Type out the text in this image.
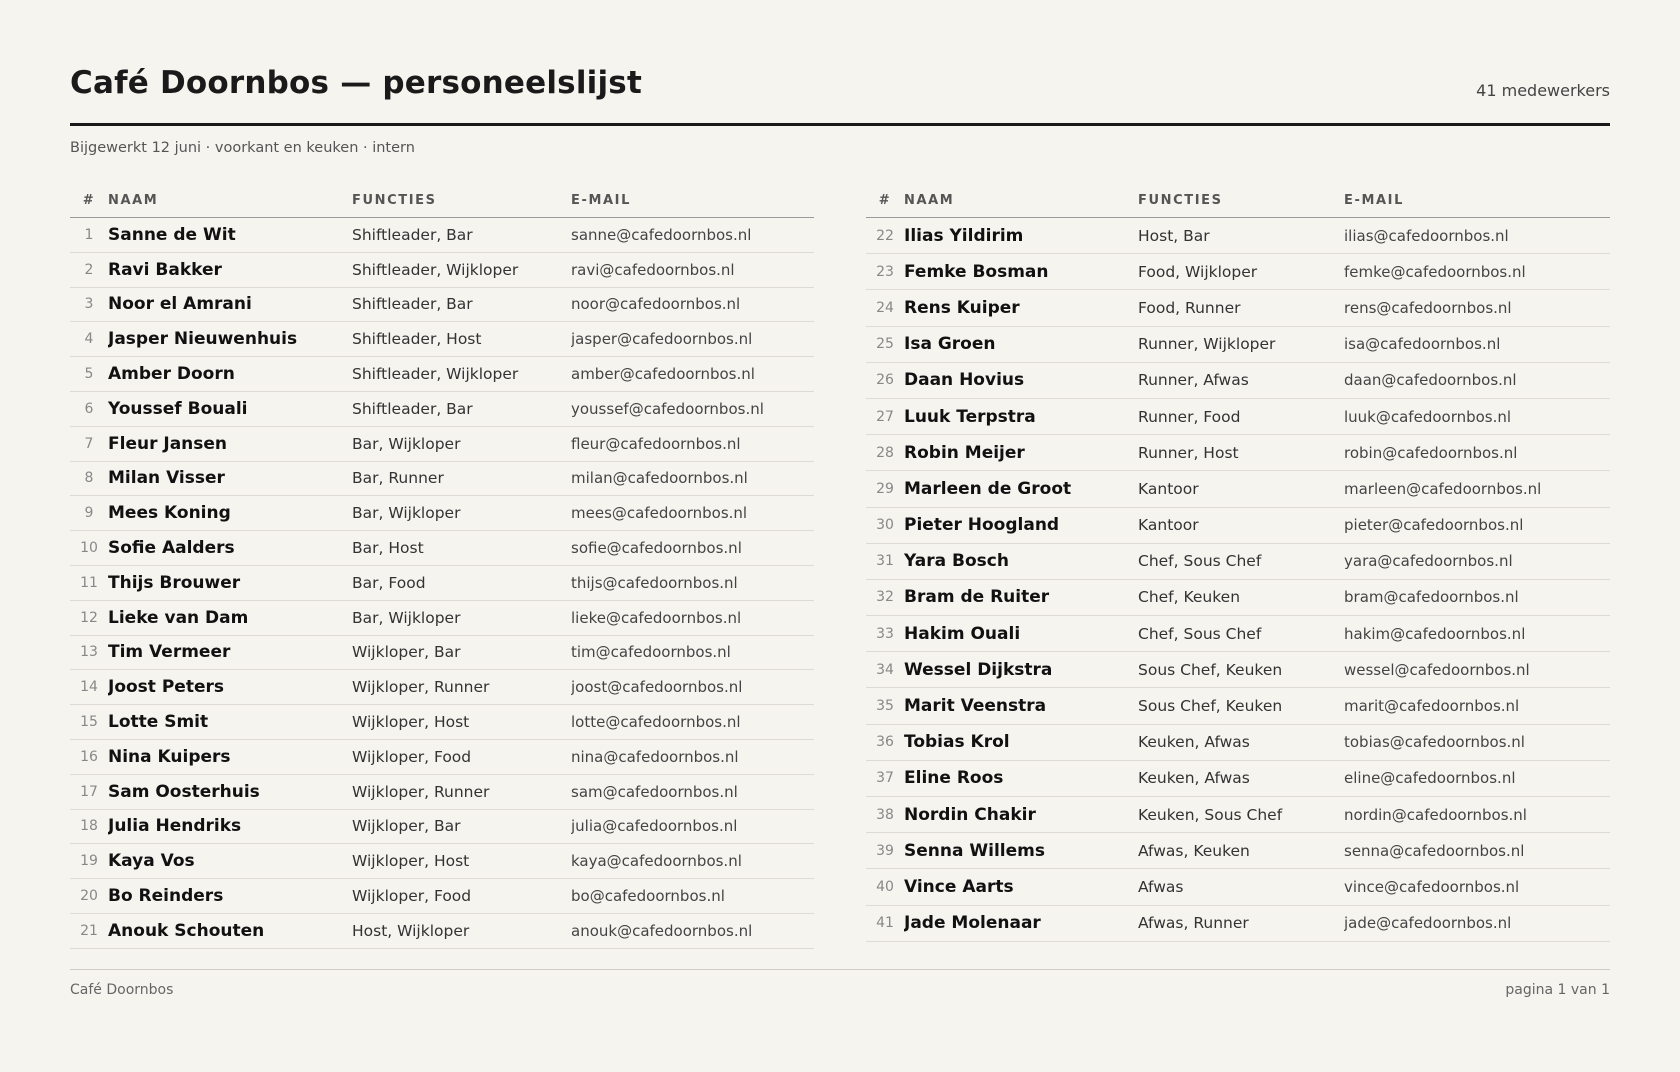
Café Doornbos — personeelslijst	41 medewerkers
Bijgewerkt 12 juni · voorkant en keuken · intern
#	NAAM	FUNCTIES	E-MAIL
1	Sanne de Wit	Shiftleader, Bar	sanne@cafedoornbos.nl
2	Ravi Bakker	Shiftleader, Wijkloper	ravi@cafedoornbos.nl
3	Noor el Amrani	Shiftleader, Bar	noor@cafedoornbos.nl
4	Jasper Nieuwenhuis	Shiftleader, Host	jasper@cafedoornbos.nl
5	Amber Doorn	Shiftleader, Wijkloper	amber@cafedoornbos.nl
6	Youssef Bouali	Shiftleader, Bar	youssef@cafedoornbos.nl
7	Fleur Jansen	Bar, Wijkloper	fleur@cafedoornbos.nl
8	Milan Visser	Bar, Runner	milan@cafedoornbos.nl
9	Mees Koning	Bar, Wijkloper	mees@cafedoornbos.nl
10	Sofie Aalders	Bar, Host	sofie@cafedoornbos.nl
11	Thijs Brouwer	Bar, Food	thijs@cafedoornbos.nl
12	Lieke van Dam	Bar, Wijkloper	lieke@cafedoornbos.nl
13	Tim Vermeer	Wijkloper, Bar	tim@cafedoornbos.nl
14	Joost Peters	Wijkloper, Runner	joost@cafedoornbos.nl
15	Lotte Smit	Wijkloper, Host	lotte@cafedoornbos.nl
16	Nina Kuipers	Wijkloper, Food	nina@cafedoornbos.nl
17	Sam Oosterhuis	Wijkloper, Runner	sam@cafedoornbos.nl
18	Julia Hendriks	Wijkloper, Bar	julia@cafedoornbos.nl
19	Kaya Vos	Wijkloper, Host	kaya@cafedoornbos.nl
20	Bo Reinders	Wijkloper, Food	bo@cafedoornbos.nl
21	Anouk Schouten	Host, Wijkloper	anouk@cafedoornbos.nl
#	NAAM	FUNCTIES	E-MAIL
22	Ilias Yildirim	Host, Bar	ilias@cafedoornbos.nl
23	Femke Bosman	Food, Wijkloper	femke@cafedoornbos.nl
24	Rens Kuiper	Food, Runner	rens@cafedoornbos.nl
25	Isa Groen	Runner, Wijkloper	isa@cafedoornbos.nl
26	Daan Hovius	Runner, Afwas	daan@cafedoornbos.nl
27	Luuk Terpstra	Runner, Food	luuk@cafedoornbos.nl
28	Robin Meijer	Runner, Host	robin@cafedoornbos.nl
29	Marleen de Groot	Kantoor	marleen@cafedoornbos.nl
30	Pieter Hoogland	Kantoor	pieter@cafedoornbos.nl
31	Yara Bosch	Chef, Sous Chef	yara@cafedoornbos.nl
32	Bram de Ruiter	Chef, Keuken	bram@cafedoornbos.nl
33	Hakim Ouali	Chef, Sous Chef	hakim@cafedoornbos.nl
34	Wessel Dijkstra	Sous Chef, Keuken	wessel@cafedoornbos.nl
35	Marit Veenstra	Sous Chef, Keuken	marit@cafedoornbos.nl
36	Tobias Krol	Keuken, Afwas	tobias@cafedoornbos.nl
37	Eline Roos	Keuken, Afwas	eline@cafedoornbos.nl
38	Nordin Chakir	Keuken, Sous Chef	nordin@cafedoornbos.nl
39	Senna Willems	Afwas, Keuken	senna@cafedoornbos.nl
40	Vince Aarts	Afwas	vince@cafedoornbos.nl
41	Jade Molenaar	Afwas, Runner	jade@cafedoornbos.nl
Café Doornbos	pagina 1 van 1
